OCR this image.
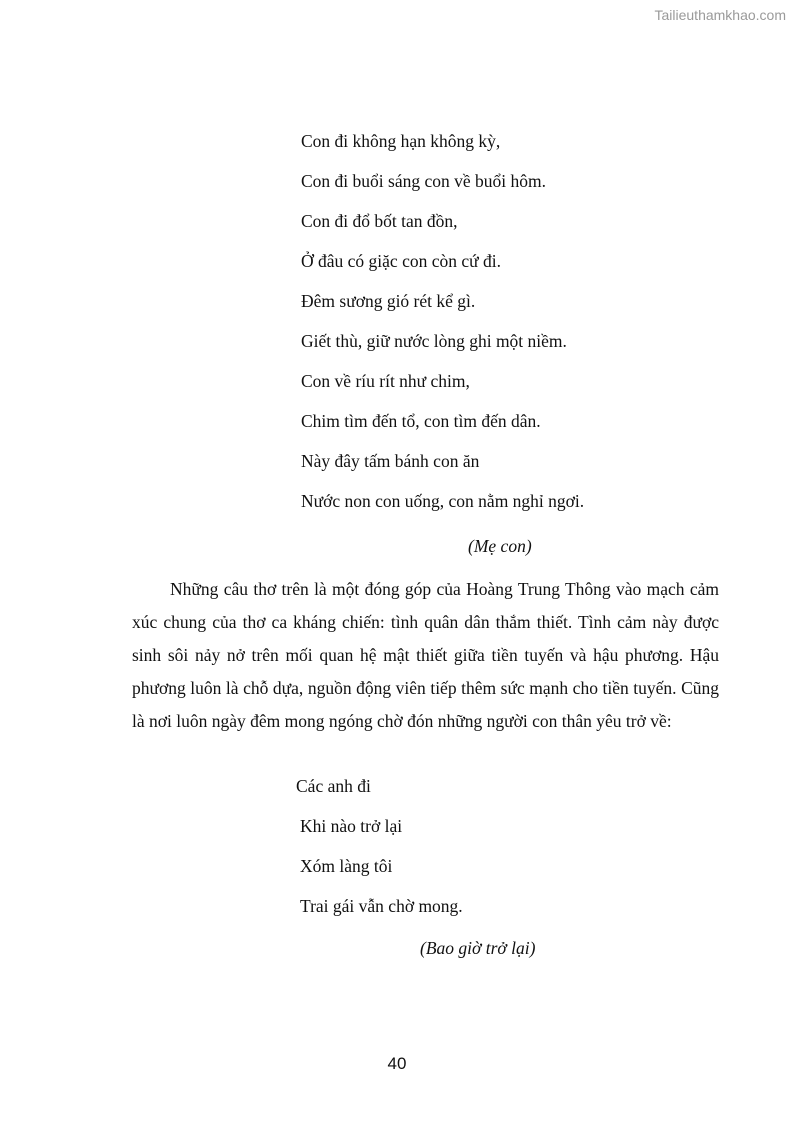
Tailieuthamkhao.com
Con đi không hạn không kỳ,
Con đi buổi sáng con về buổi hôm.
Con đi đổ bốt tan đồn,
Ở đâu có giặc con còn cứ đi.
Đêm sương gió rét kể gì.
Giết thù, giữ nước lòng ghi một niềm.
Con về ríu rít như chim,
Chim tìm đến tổ, con tìm đến dân.
Này đây tấm bánh con ăn
Nước non con uống, con nằm nghỉ ngơi.
(Mẹ con)

Những câu thơ trên là một đóng góp của Hoàng Trung Thông vào mạch cảm xúc chung của thơ ca kháng chiến: tình quân dân thắm thiết. Tình cảm này được sinh sôi nảy nở trên mối quan hệ mật thiết giữa tiền tuyến và hậu phương. Hậu phương luôn là chỗ dựa, nguồn động viên tiếp thêm sức mạnh cho tiền tuyến. Cũng là nơi luôn ngày đêm mong ngóng chờ đón những người con thân yêu trở về:

Các anh đi
Khi nào trở lại
Xóm làng tôi
Trai gái vẫn chờ mong.
(Bao giờ trở lại)
40
